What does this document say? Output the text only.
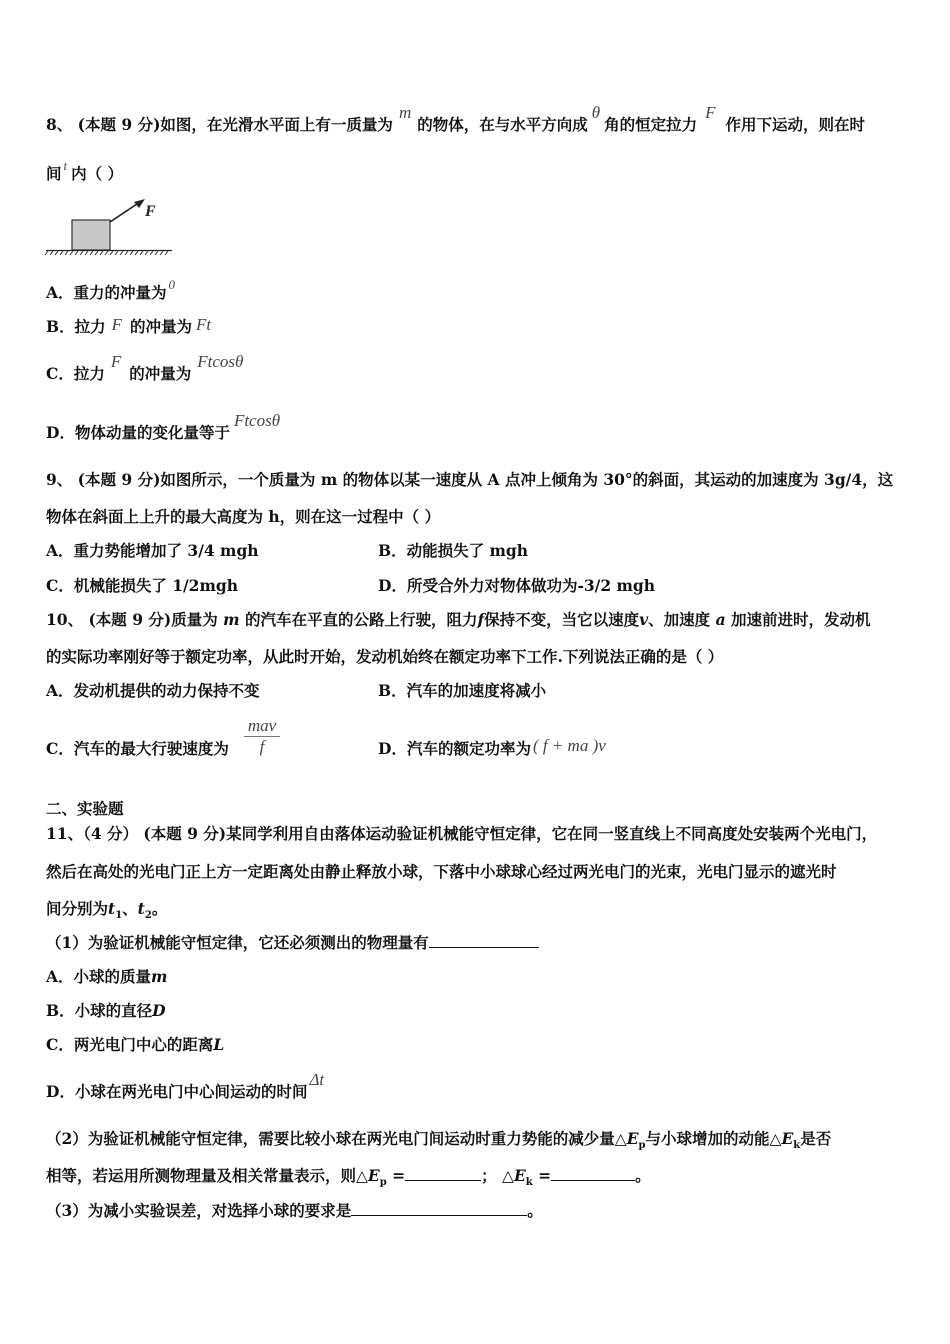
8、 (本题 9 分)如图，在光滑水平面上有一质量为m的物体，在与水平方向成θ角的恒定拉力F作用下运动，则在时
间 $^t$ 内（ ）
F
A．重力的冲量为 $^0$
B．拉力 F 的冲量为 Ft
C．拉力F的冲量为Ftcosθ
D．物体动量的变化量等于Ftcosθ
9、 (本题 9 分)如图所示，一个质量为 m 的物体以某一速度从 A 点冲上倾角为 30°的斜面，其运动的加速度为 3g/4，这
物体在斜面上上升的最大高度为 h，则在这一过程中（ ）
A．重力势能增加了 3/4 mgh	B．动能损失了 mgh
C．机械能损失了 1/2mgh	D．所受合外力对物体做功为-3/2 mgh
10、 (本题 9 分)质量为 m 的汽车在平直的公路上行驶，阻力f保持不变，当它以速度v、加速度 a 加速前进时，发动机
的实际功率刚好等于额定功率，从此时开始，发动机始终在额定功率下工作.下列说法正确的是（ ）
A．发动机提供的动力保持不变	B．汽车的加速度将减小
C．汽车的最大行驶速度为
mav
f	D．汽车的额定功率为 ( f + ma )v
二、实验题
11、（4 分） (本题 9 分)某同学利用自由落体运动验证机械能守恒定律，它在同一竖直线上不同高度处安装两个光电门，
然后在高处的光电门正上方一定距离处由静止释放小球，下落中小球球心经过两光电门的光束，光电门显示的遮光时
间分别为$t_1$、$t_2$。
（1）为验证机械能守恒定律，它还必须测出的物理量有
A．小球的质量m
B．小球的直径D
C．两光电门中心的距离L
D．小球在两光电门中心间运动的时间Δt
（2）为验证机械能守恒定律，需要比较小球在两光电门间运动时重力势能的减少量$\triangle E_p$与小球增加的动能$\triangle E_k$是否
相等，若运用所测物理量及相关常量表示，则$\triangle E_p$ =	； $\triangle E_k$ =	。
（3）为减小实验误差，对选择小球的要求是	。
